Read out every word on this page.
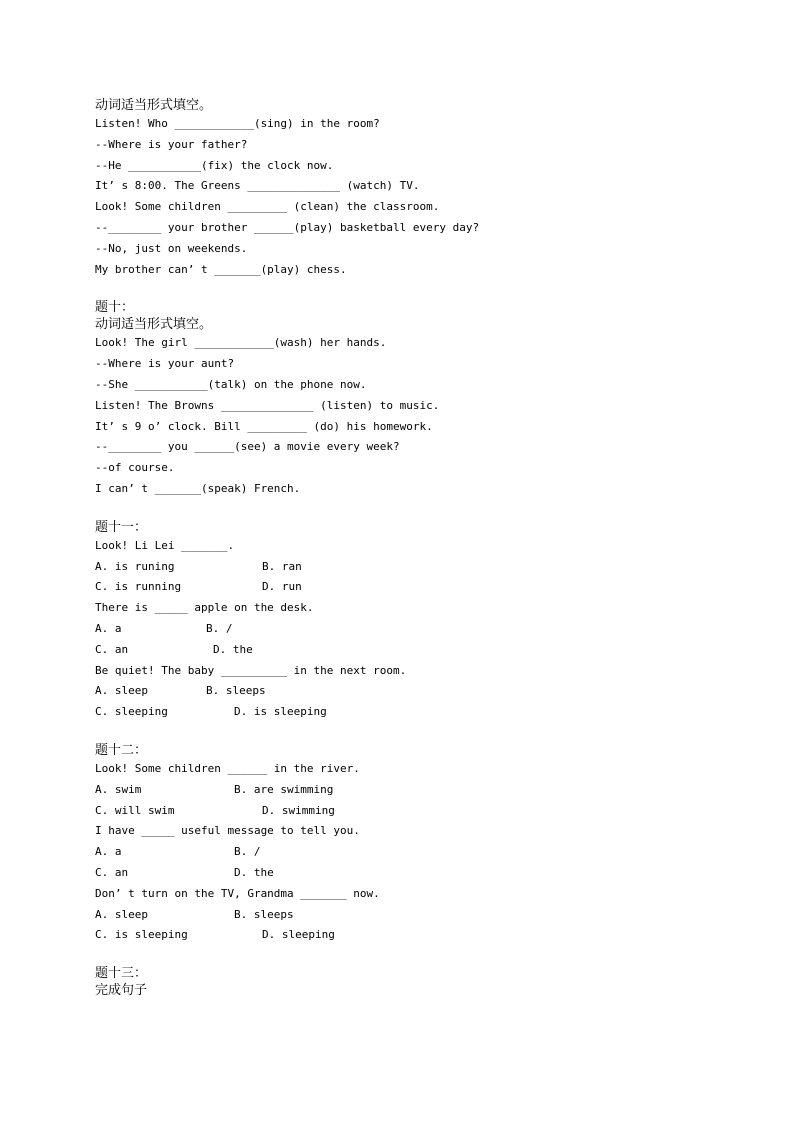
动词适当形式填空。
Listen! Who ____________(sing) in the room?
--Where is your father?
--He ___________(fix) the clock now.
It’ s 8:00. The Greens ______________ (watch) TV.
Look! Some children _________ (clean) the classroom.
--________ your brother ______(play) basketball every day?
--No, just on weekends.
My brother can’ t _______(play) chess.
题十：
动词适当形式填空。
Look! The girl ____________(wash) her hands.
--Where is your aunt?
--She ___________(talk) on the phone now.
Listen! The Browns ______________ (listen) to music.
It’ s 9 o’ clock. Bill _________ (do) his homework.
--________ you ______(see) a movie every week?
--of course.
I can’ t _______(speak) French.
题十一：
Look! Li Lei _______.
A. is runing	B. ran
C. is running	D. run
There is _____ apple on the desk.
A. a	B. /
C. an	D. the
Be quiet! The baby __________ in the next room.
A. sleep	B. sleeps
C. sleeping	D. is sleeping
题十二：
Look! Some children ______ in the river.
A. swim	B. are swimming
C. will swim	D. swimming
I have _____ useful message to tell you.
A. a	B. /
C. an	D. the
Don’ t turn on the TV, Grandma _______ now.
A. sleep	B. sleeps
C. is sleeping	D. sleeping
题十三：
完成句子
